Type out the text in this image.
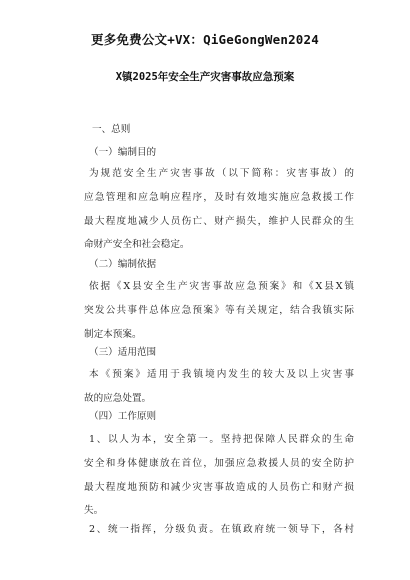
更多免费公文+VX：QiGeGongWen2024
X镇2025年安全生产灾害事故应急预案
一、总则
（一）编制目的
为规范安全生产灾害事故（以下简称：灾害事故）的
应急管理和应急响应程序，及时有效地实施应急救援工作
最大程度地减少人员伤亡、财产损失，维护人民群众的生
命财产安全和社会稳定。
（二）编制依据
依据《X县安全生产灾害事故应急预案》和《X县X镇
突发公共事件总体应急预案》等有关规定，结合我镇实际
制定本预案。
（三）适用范围
本《预案》适用于我镇境内发生的较大及以上灾害事
故的应急处置。
（四）工作原则
1、以人为本，安全第一。坚持把保障人民群众的生命
安全和身体健康放在首位，加强应急救援人员的安全防护
最大程度地预防和减少灾害事故造成的人员伤亡和财产损
失。
2、统一指挥，分级负责。在镇政府统一领导下，各村
